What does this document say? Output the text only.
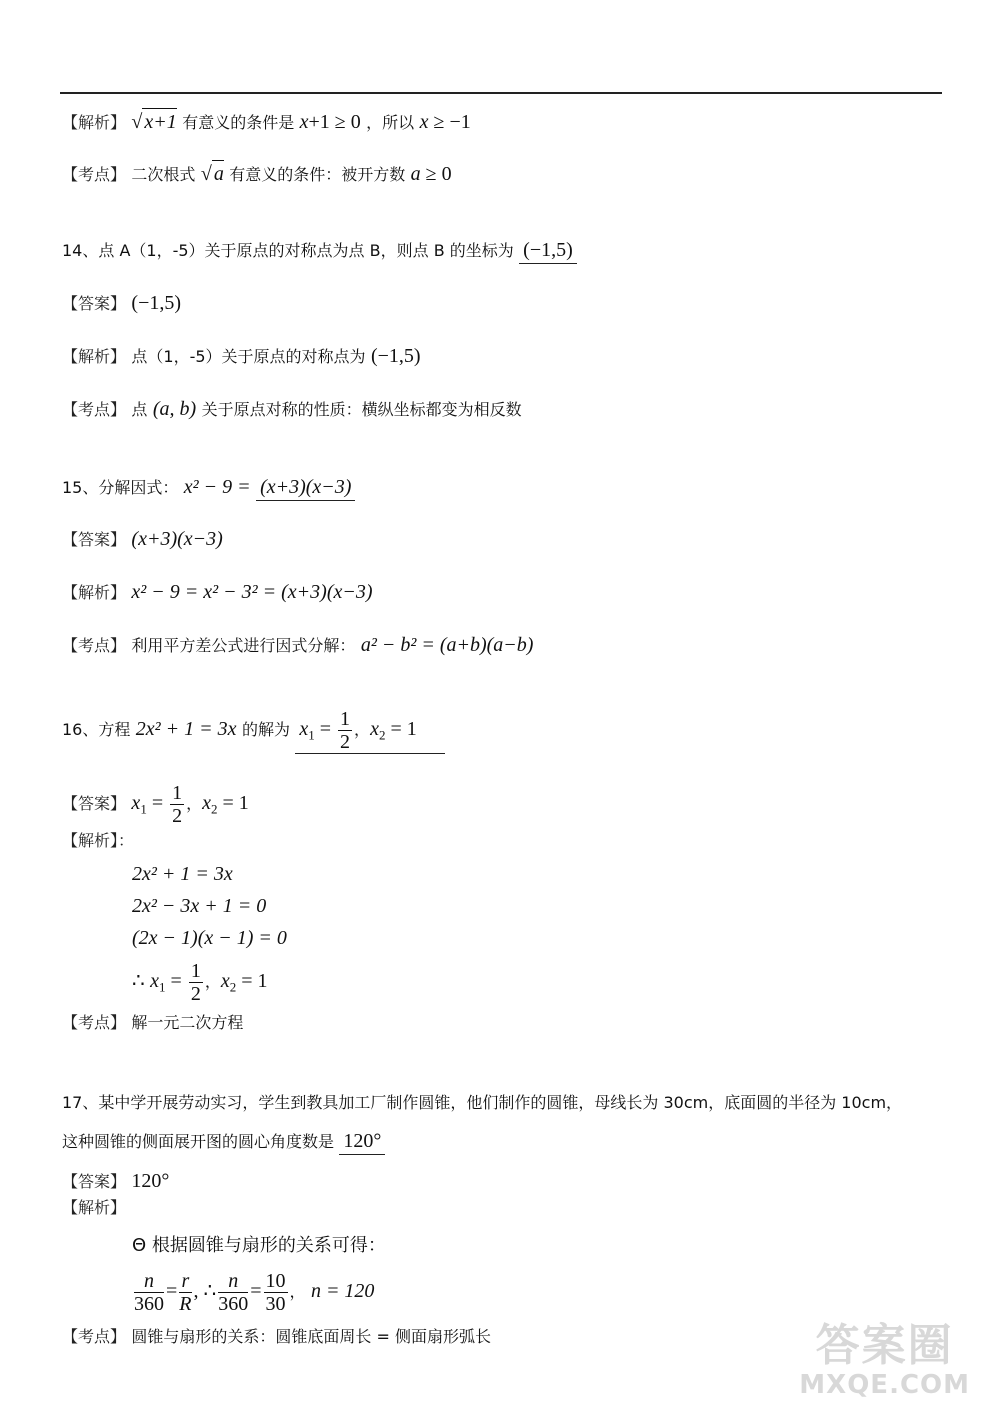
【解析】 √ x+1 有意义的条件是 x+1 ≥ 0 ，所以 x ≥ −1
【考点】 二次根式 √ a 有意义的条件：被开方数 a ≥ 0
14、点 A（1，-5）关于原点的对称点为点 B，则点 B 的坐标为 (−1,5)
【答案】 (−1,5)
【解析】 点（1，-5）关于原点的对称点为 (−1,5)
【考点】 点 (a, b) 关于原点对称的性质：横纵坐标都变为相反数
15、分解因式： x² − 9 = (x+3)(x−3)
【答案】 (x+3)(x−3)
【解析】 x² − 9 = x² − 3² = (x+3)(x−3)
【考点】 利用平方差公式进行因式分解： a² − b² = (a+b)(a−b)
16、方程 2x² + 1 = 3x 的解为 $x_1 = \frac{1}{2}$ ，$x_2 = 1$
【答案】 $x_1 = \frac{1}{2}$ ，$x_2 = 1$
【解析】：
2x² + 1 = 3x
2x² − 3x + 1 = 0
(2x − 1)(x − 1) = 0
∴ $x_1 = \frac{1}{2}$ ，$x_2 = 1$
【考点】 解一元二次方程
17、某中学开展劳动实习，学生到教具加工厂制作圆锥，他们制作的圆锥，母线长为 30cm，底面圆的半径为 10cm，
这种圆锥的侧面展开图的圆心角度数是 120°
【答案】 120°
【解析】
Θ 根据圆锥与扇形的关系可得：
$\frac{n}{360} = \frac{r}{R}$ , ∴ $\frac{n}{360} = \frac{10}{30}$ ， n = 120
【考点】 圆锥与扇形的关系：圆锥底面周长 = 侧面扇形弧长	答案圈
MXQE.COM
